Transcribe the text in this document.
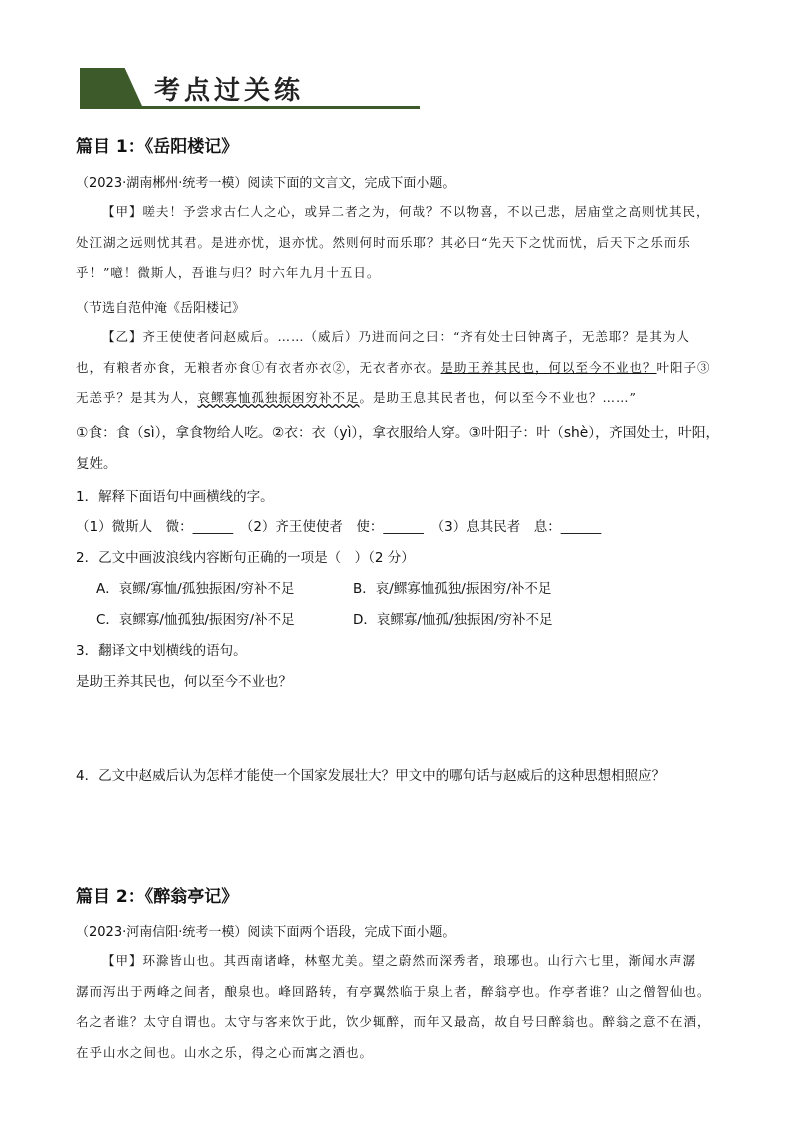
考点过关练
篇目 1：《岳阳楼记》
（2023·湖南郴州·统考一模）阅读下面的文言文，完成下面小题。
【甲】嗟夫！予尝求古仁人之心，或异二者之为，何哉？不以物喜，不以己悲，居庙堂之高则忧其民，
处江湖之远则忧其君。是进亦忧，退亦忧。然则何时而乐耶？其必曰“先天下之忧而忧，后天下之乐而乐
乎！”噫！微斯人，吾谁与归？时六年九月十五日。
（节选自范仲淹《岳阳楼记》
【乙】齐王使使者问赵威后。……（威后）乃进而问之曰：“齐有处士曰钟离子，无恙耶？是其为人
也，有粮者亦食，无粮者亦食①有衣者亦衣②，无衣者亦衣。是助王养其民也，何以至今不业也？叶阳子③
无恙乎？是其为人，哀鳏寡恤孤独振困穷补不足。是助王息其民者也，何以至今不业也？……”
①食：食（sì），拿食物给人吃。②衣：衣（yì），拿衣服给人穿。③叶阳子：叶（shè），齐国处士，叶阳，
复姓。
1．解释下面语句中画横线的字。
（1）微斯人　微：______　（2）齐王使使者　使：______　（3）息其民者　息：______
2．乙文中画波浪线内容断句正确的一项是（　）（2 分）
A．哀鳏/寡恤/孤独振困/穷补不足	B．哀/鳏寡恤孤独/振困穷/补不足
C．哀鳏寡/恤孤独/振困穷/补不足	D．哀鳏寡/恤孤/独振困/穷补不足
3．翻译文中划横线的语句。
是助王养其民也，何以至今不业也？
4．乙文中赵威后认为怎样才能使一个国家发展壮大？甲文中的哪句话与赵威后的这种思想相照应？
篇目 2：《醉翁亭记》
（2023·河南信阳·统考一模）阅读下面两个语段，完成下面小题。
【甲】环滁皆山也。其西南诸峰，林壑尤美。望之蔚然而深秀者，琅琊也。山行六七里，渐闻水声潺
潺而泻出于两峰之间者，酿泉也。峰回路转，有亭翼然临于泉上者，醉翁亭也。作亭者谁？山之僧智仙也。
名之者谁？太守自谓也。太守与客来饮于此，饮少辄醉，而年又最高，故自号曰醉翁也。醉翁之意不在酒，
在乎山水之间也。山水之乐，得之心而寓之酒也。
